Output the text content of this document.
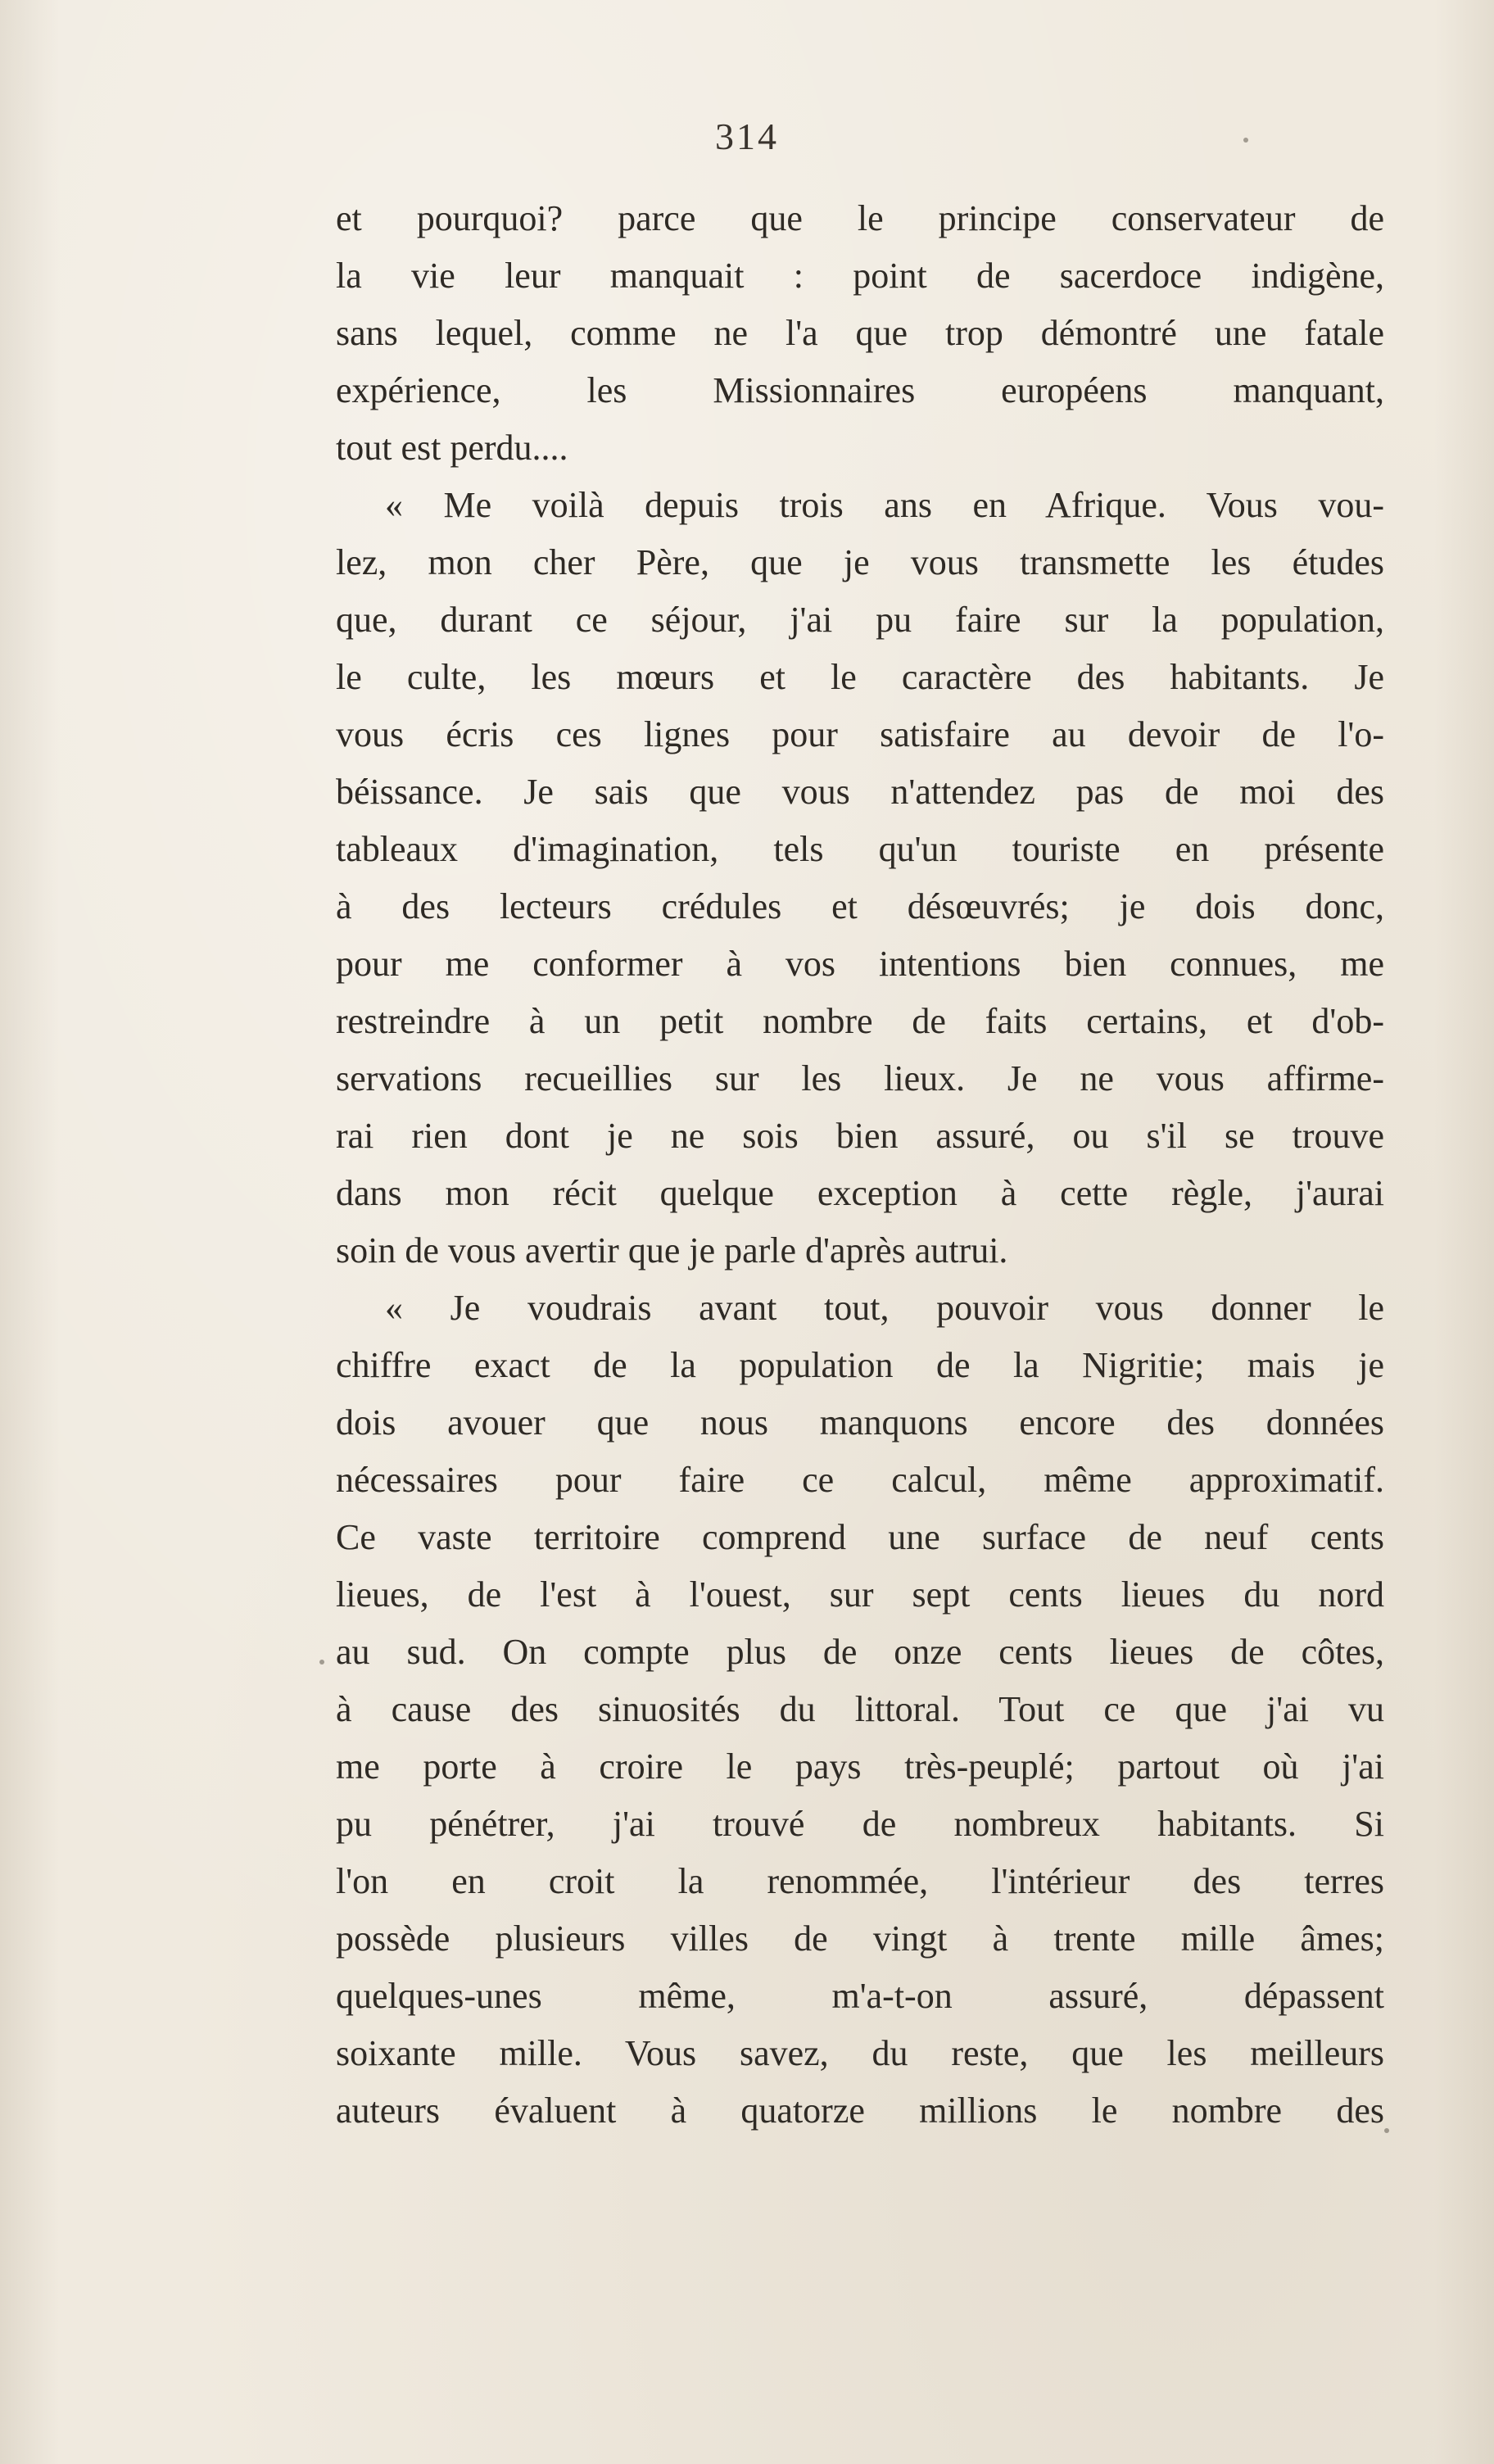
314
et pourquoi? parce que le principe conservateur de
la vie leur manquait : point de sacerdoce indigène,
sans lequel, comme ne l'a que trop démontré une fatale
expérience, les Missionnaires européens manquant,
tout est perdu....
« Me voilà depuis trois ans en Afrique. Vous vou-
lez, mon cher Père, que je vous transmette les études
que, durant ce séjour, j'ai pu faire sur la population,
le culte, les mœurs et le caractère des habitants. Je
vous écris ces lignes pour satisfaire au devoir de l'o-
béissance. Je sais que vous n'attendez pas de moi des
tableaux d'imagination, tels qu'un touriste en présente
à des lecteurs crédules et désœuvrés; je dois donc,
pour me conformer à vos intentions bien connues, me
restreindre à un petit nombre de faits certains, et d'ob-
servations recueillies sur les lieux. Je ne vous affirme-
rai rien dont je ne sois bien assuré, ou s'il se trouve
dans mon récit quelque exception à cette règle, j'aurai
soin de vous avertir que je parle d'après autrui.
« Je voudrais avant tout, pouvoir vous donner le
chiffre exact de la population de la Nigritie; mais je
dois avouer que nous manquons encore des données
nécessaires pour faire ce calcul, même approximatif.
Ce vaste territoire comprend une surface de neuf cents
lieues, de l'est à l'ouest, sur sept cents lieues du nord
au sud. On compte plus de onze cents lieues de côtes,
à cause des sinuosités du littoral. Tout ce que j'ai vu
me porte à croire le pays très-peuplé; partout où j'ai
pu pénétrer, j'ai trouvé de nombreux habitants. Si
l'on en croit la renommée, l'intérieur des terres
possède plusieurs villes de vingt à trente mille âmes;
quelques-unes même, m'a-t-on assuré, dépassent
soixante mille. Vous savez, du reste, que les meilleurs
auteurs évaluent à quatorze millions le nombre des
